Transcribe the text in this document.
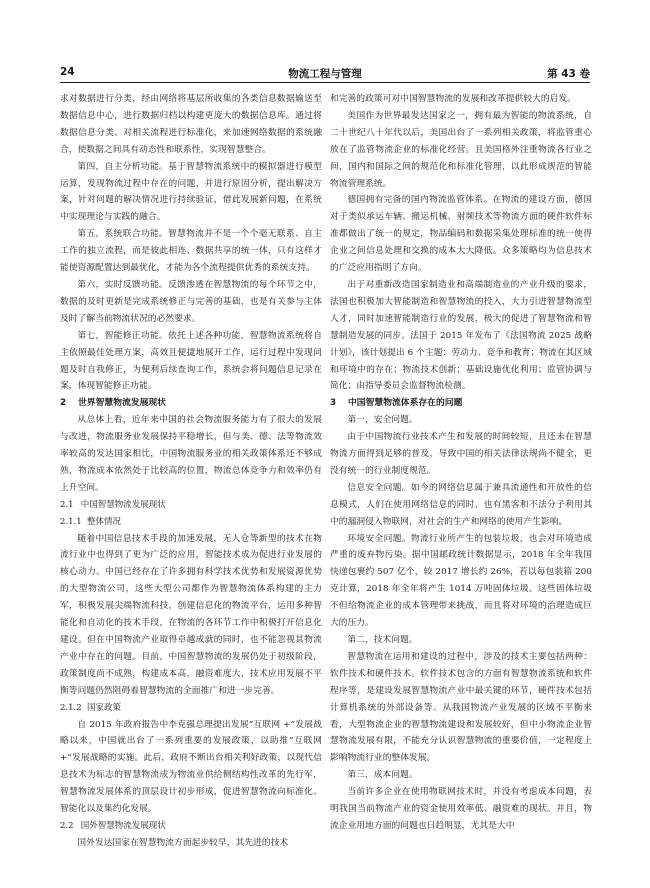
24	物流工程与管理	第 43 卷

求对数据进行分类，经由网络将基层所收集的各类信息数据输送至数据信息中心，进行数据归档以构建更庞大的数据信息库。通过将数据信息分类、对相关流程进行标准化，来加速网络数据的系统融合，使数据之间具有动态性和联系性，实现智慧整合。

第四，自主分析功能。基于智慧物流系统中的模拟器进行模型运算，发现物流过程中存在的问题，并进行原因分析，提出解决方案，针对问题的解决情况进行持续验证，借此发展新问题，在系统中实现理论与实践的融合。

第五，系统联合功能。智慧物流并不是一个个毫无联系、自主工作的独立流程，而是彼此相连、数据共享的统一体，只有这样才能使资源配置达到最优化，才能为各个流程提供优秀的系统支持。

第六，实时反馈功能。反馈渗透在智慧物流的每个环节之中，数据的及时更新是完成系统修正与完善的基础，也是有关参与主体及时了解当前物流状况的必然要求。

第七，智能修正功能。依托上述各种功能，智慧物流系统将自主依照最佳处理方案，高效且便捷地展开工作，运行过程中发现问题及时自我修正，为便利后续查询工作，系统会将问题信息记录在案，体现智能修正功能。

2 世界智慧物流发展现状

从总体上看，近年来中国的社会物流服务能力有了很大的发展与改进，物流服务业发展保持平稳增长，但与美、德、法等物流效率较高的发达国家相比，中国物流服务业的相关政策体系还不够成熟，物流成本依然处于比较高的位置，物流总体竞争力和效率仍有上升空间。

2.1 中国智慧物流发展现状
2.1.1 整体情况

随着中国信息技术手段的加速发展，无人仓等新型的技术在物流行业中也得到了更为广泛的应用，智能技术成为促进行业发展的核心动力。中国已经存在了许多拥有科学技术优势和发展资源优势的大型物流公司，这些大型公司都作为智慧物流体系构建的主力军，积极发展尖端物流科技，创建信息化的物流平台，运用多种智能化和自动化的技术手段，在物流的各环节工作中积极打开信息化建设。但在中国物流产业取得卓越成就的同时，也不能忽视其物流产业中存在的问题。目前，中国智慧物流的发展仍处于初级阶段，政策制度尚不成熟，构建成本高，融资难度大，技术应用发展不平衡等问题仍然阻碍着智慧物流的全面推广和进一步完善。

2.1.2 国家政策

自 2015 年政府报告中李克强总理提出发展“互联网 +”发展战略以来，中国就出台了一系列重要的发展政策，以助推“互联网 +”发展战略的实施。此后，政府不断出台相关利好政策，以现代信息技术为标志的智慧物流成为物流业供给侧结构性改革的先行军，智慧物流发展体系的顶层设计初步形成，促进智慧物流向标准化、智能化以及集约化发展。

2.2 国外智慧物流发展现状

国外发达国家在智慧物流方面起步较早，其先进的技术

和完善的政策可对中国智慧物流的发展和改革提供较大的启发。

美国作为世界最发达国家之一，拥有最为智能的物流系统，自二十世纪八十年代以后，美国出台了一系列相关政策，将监管重心放在了监管物流企业的标准化经营。且美国格外注重物流各行业之间，国内和国际之间的规范化和标准化管理，以此形成规范的智能物流管理系统。

德国拥有完备的国内物流监管体系。在物流的建设方面，德国对于类似承运车辆、搬运机械、射频技术等物流方面的硬件软件标准都做出了统一的规定，物品编码和数据采集处理标准的统一使得企业之间信息处理和交换的成本大大降低。众多策略均为信息技术的广泛应用指明了方向。

出于对重新改造国家制造业和高端制造业的产业升级的要求，法国也积极加大智能制造和智慧物流的投入，大力引进智慧物流型人才，同时加速智能制造行业的发展，极大的促进了智慧物流和智慧制造发展的同步。法国于 2015 年发布了《法国物流 2025 战略计划》，该计划提出 6 个主题：劳动力、竞争和教育；物流在其区域和环境中的存在；物流技术创新；基础设施优化利用；监管协调与简化；由指导委员会监督物流检测。

3 中国智慧物流体系存在的问题

第一，安全问题。

由于中国物流行业技术产生和发展的时间较短，且还未在智慧物流方面得到足够的普及，导致中国的相关法律法规尚不健全，更没有统一的行业制度规范。

信息安全问题。如今的网络信息属于兼具流通性和开放性的信息模式，人们在使用网络信息的同时，也有黑客和不法分子利用其中的漏洞侵入物联网，对社会的生产和网络的使用产生影响。

环境安全问题。物流行业所产生的包装垃圾，也会对环境造成严重的废弃物污染。据中国邮政统计数据显示，2018 年全年我国快递包裹约 507 亿个，较 2017 增长约 26%，若以每包装箱 200 克计算，2018 年全年将产生 1014 万吨固体垃圾。这些固体垃圾不但给物流企业的成本管理带来挑战，而且将对环境的治理造成巨大的压力。

第二，技术问题。

智慧物流在运用和建设的过程中，涉及的技术主要包括两种：软件技术和硬件技术。软件技术包含的方面有智慧物流系统和软件程序等，是建设发展智慧物流产业中最关键的环节，硬件技术包括计算机系统的外部设备等。从我国物流产业发展的区域不平衡来看，大型物流企业的智慧物流建设和发展较好，但中小物流企业智慧物流发展有限，不能充分认识智慧物流的重要价值，一定程度上影响物流行业的整体发展。

第三，成本问题。

当前许多企业在使用物联网技术时，并没有考虑成本问题，表明我国当前物流产业的资金使用效率低、融资难的现状。并且，物流企业用地方面的问题也日趋明显，尤其是大中
